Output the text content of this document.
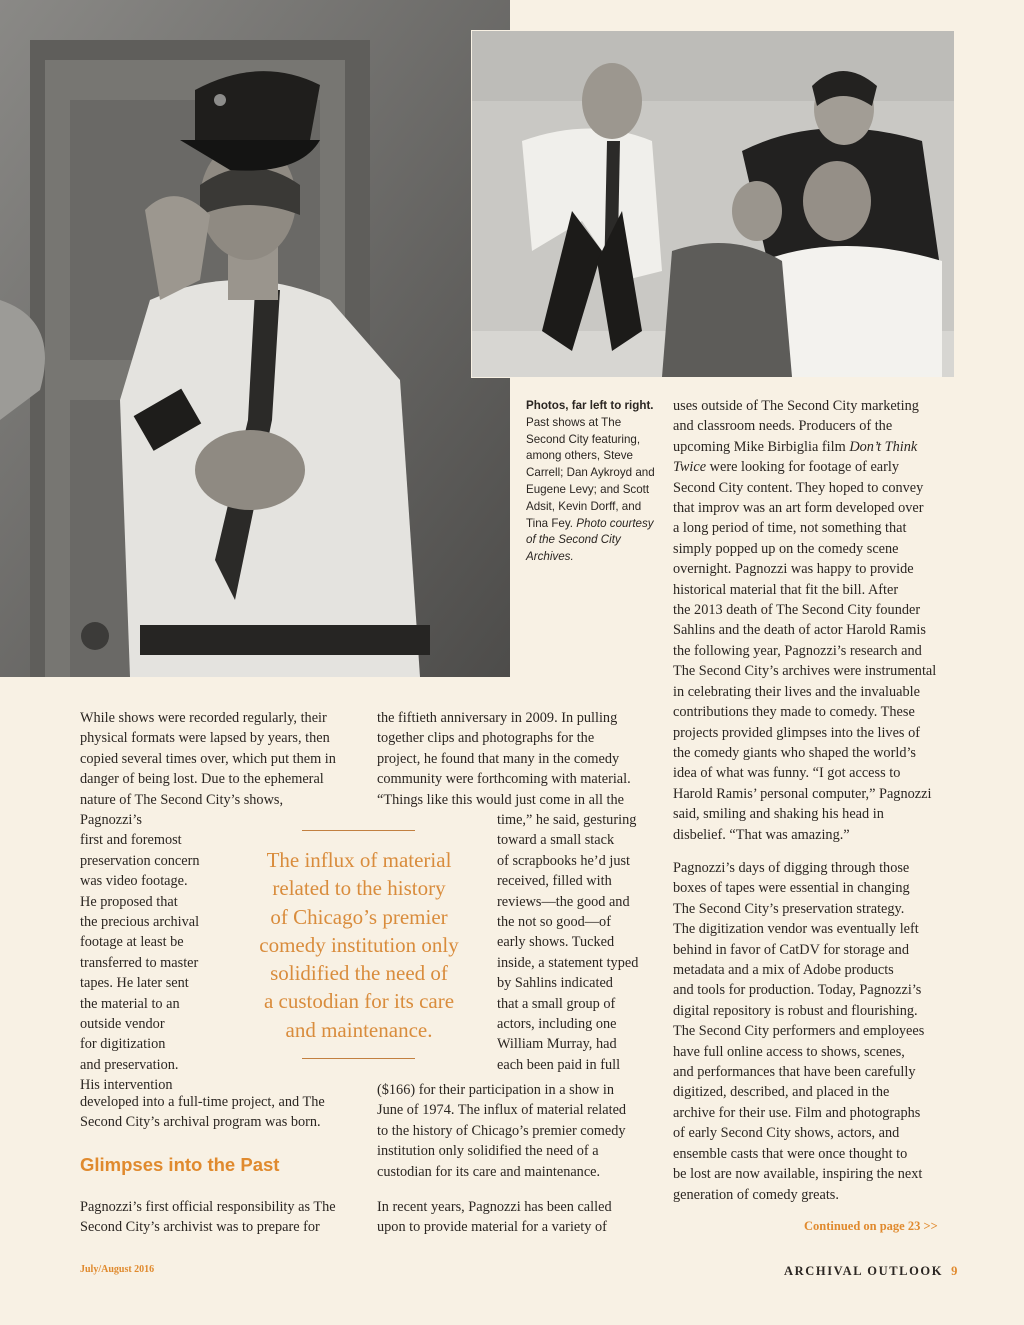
Photos, far left to right. Past shows at The Second City featuring, among others, Steve Carrell; Dan Aykroyd and Eugene Levy; and Scott Adsit, Kevin Dorff, and Tina Fey. Photo courtesy of the Second City Archives.
While shows were recorded regularly, their
physical formats were lapsed by years, then
copied several times over, which put them in
danger of being lost. Due to the ephemeral
nature of The Second City’s shows,
Pagnozzi’s
first and foremost
preservation concern
was video footage.
He proposed that
the precious archival
footage at least be
transferred to master
tapes. He later sent
the material to an
outside vendor
for digitization
and preservation.
His intervention
developed into a full-time project, and The
Second City’s archival program was born.
Glimpses into the Past
Pagnozzi’s first official responsibility as The
Second City’s archivist was to prepare for
The influx of material
related to the history
of Chicago’s premier
comedy institution only
solidified the need of
a custodian for its care
and maintenance.
the fiftieth anniversary in 2009. In pulling
together clips and photographs for the
project, he found that many in the comedy
community were forthcoming with material.
“Things like this would just come in all the
time,” he said, gesturing
toward a small stack
of scrapbooks he’d just
received, filled with
reviews—the good and
the not so good—of
early shows. Tucked
inside, a statement typed
by Sahlins indicated
that a small group of
actors, including one
William Murray, had
each been paid in full
($166) for their participation in a show in
June of 1974. The influx of material related
to the history of Chicago’s premier comedy
institution only solidified the need of a
custodian for its care and maintenance.
In recent years, Pagnozzi has been called
upon to provide material for a variety of
uses outside of The Second City marketing
and classroom needs. Producers of the
upcoming Mike Birbiglia film Don’t Think
Twice were looking for footage of early
Second City content. They hoped to convey
that improv was an art form developed over
a long period of time, not something that
simply popped up on the comedy scene
overnight. Pagnozzi was happy to provide
historical material that fit the bill. After
the 2013 death of The Second City founder
Sahlins and the death of actor Harold Ramis
the following year, Pagnozzi’s research and
The Second City’s archives were instrumental
in celebrating their lives and the invaluable
contributions they made to comedy. These
projects provided glimpses into the lives of
the comedy giants who shaped the world’s
idea of what was funny. “I got access to
Harold Ramis’ personal computer,” Pagnozzi
said, smiling and shaking his head in
disbelief. “That was amazing.”
Pagnozzi’s days of digging through those
boxes of tapes were essential in changing
The Second City’s preservation strategy.
The digitization vendor was eventually left
behind in favor of CatDV for storage and
metadata and a mix of Adobe products
and tools for production. Today, Pagnozzi’s
digital repository is robust and flourishing.
The Second City performers and employees
have full online access to shows, scenes,
and performances that have been carefully
digitized, described, and placed in the
archive for their use. Film and photographs
of early Second City shows, actors, and
ensemble casts that were once thought to
be lost are now available, inspiring the next
generation of comedy greats.
Continued on page 23 >>
July/August 2016	ARCHIVAL OUTLOOK 9
